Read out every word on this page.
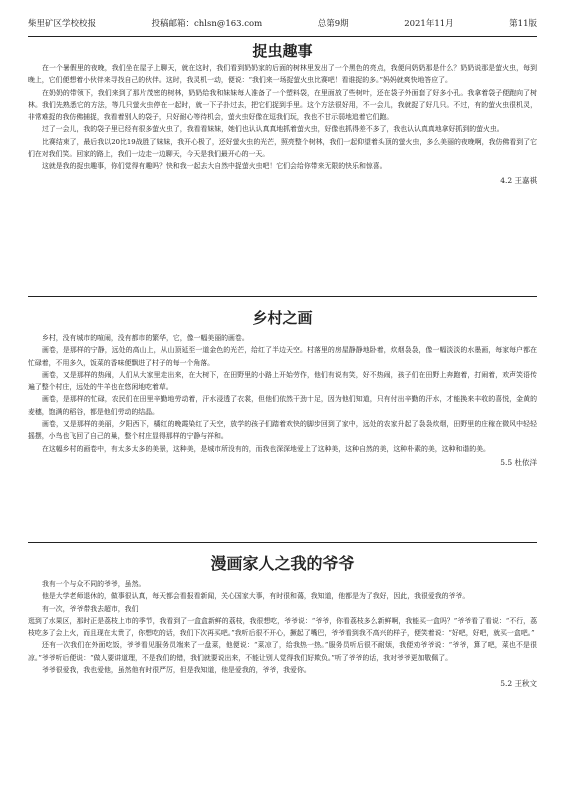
柴里矿区学校校报	投稿邮箱：chlsn@163.com	总第9期	2021年11月	第11版
捉虫趣事

在一个暑假里的夜晚，我们坐在屋子上聊天，就在这时，我们看到奶奶家的后面的树林里发出了一个黑色的亮点，我便问奶奶那是什么？奶奶说那是萤火虫，每到晚上，它们便想着小伙伴来寻找自己的伙伴。这时，我灵机一动，便说：“我们来一场捉萤火虫比赛吧！看谁捉的多。”妈妈就爽快地答应了。

在奶奶的带领下，我们来到了那片茂密的树林，奶奶给我和妹妹每人准备了一个塑料袋，在里面放了些树叶，还在袋子外面套了好多小孔。我拿着袋子便跑向了树林。我们先熟悉它的方法，等几只萤火虫停在一起时，就一下子扑过去，把它们捉到手里。这个方法很好用，不一会儿，我就捉了好几只。不过，有的萤火虫很机灵，非常难捉的我仿佛捕捉，我看着别人的袋子，只好耐心等待机会，萤火虫好像在逗我们玩，我也不甘示弱地追着它们跑。

过了一会儿，我的袋子里已经有很多萤火虫了，我看看妹妹，她们也认认真真地抓着萤火虫，好像也抓得差不多了，我也认认真真地拿好抓到的萤火虫。

比赛结束了，最后我以20比19战胜了妹妹，我开心极了，还好萤火虫的光芒，照亮整个树林，我们一起仰望着头顶的萤火虫，多么美丽的夜晚啊，我仿佛看到了它们在对我们笑。回家的路上，我们一边走一边聊天，今天是我们最开心的一天。

这就是我的捉虫趣事，你们觉得有趣吗？快和我一起去大自然中捉萤火虫吧！它们会给你带来无限的快乐和惊喜。

4.2 王嘉祺

乡村之画

乡村，没有城市的喧闹，没有都市的繁华，它，像一幅美丽的画卷。

画卷，是那样的宁静，远处的高山上，从山顶延至一道金色的光芒，给红了半边天空。村落里的房屋静静地卧着，炊烟袅袅，像一幅淡淡的水墨画，每家每户都在忙碌着，不用多久，饭菜的香味便飘进了村子的每一个角落。

画卷，又是那样的热闹，人们从大家里走出来，在大树下，在田野里的小路上开始劳作，他们有说有笑，好不热闹，孩子们在田野上奔跑着，打闹着，欢声笑语传遍了整个村庄，远处的牛羊也在悠闲地吃着草。

画卷，是那样的忙碌，农民们在田里辛勤地劳动着，汗水浸透了衣裳，但他们依然干劲十足，因为他们知道，只有付出辛勤的汗水，才能换来丰收的喜悦，金黄的麦穗，饱满的稻谷，都是他们劳动的结晶。

画卷，又是那样的美丽，夕阳西下，橘红的晚霞染红了天空，放学的孩子们踏着欢快的脚步回到了家中，远处的农家升起了袅袅炊烟，田野里的庄稼在微风中轻轻摇摆，小鸟也飞回了自己的巢，整个村庄显得那样的宁静与祥和。

在这幅乡村的画卷中，有太多太多的美景，这种美，是城市所没有的，而我也深深地爱上了这种美，这种自然的美，这种朴素的美，这种和谐的美。

5.5 杜依洋

漫画家人之我的爷爷

我有一个与众不同的爷爷，虽然。

他是大学老师退休的，做事很认真，每天都会看报看新闻，关心国家大事，有时很和蔼，我知道，他都是为了我好，因此，我很爱我的爷爷。

有一次，爷爷带我去超市，我们

逛到了水果区，那时正是荔枝上市的季节，我看到了一盒盒新鲜的荔枝，我很想吃，爷爷说：“爷爷，你看荔枝多么新鲜啊，我能买一盒吗？”爷爷看了看说：“不行，荔枝吃多了会上火，而且现在太贵了，你想吃的话，我们下次再买吧。”我听后很不开心，撅起了嘴巴，爷爷看到我不高兴的样子，便笑着说：“好吧，好吧，就买一盒吧。”

还有一次我们在外面吃饭，爷爷看见服务员端来了一盘菜，他便说：“菜凉了，给我热一热。”服务员听后很不耐烦，我便劝爷爷说：“爷爷，算了吧，菜也不是很凉。”爷爷听后便说：“做人要讲道理，不是我们的错，我们就要说出来，不能让别人觉得我们好欺负。”听了爷爷的话，我对爷爷更加敬佩了。

爷爷很爱我，我也爱他，虽然他有时很严厉，但是我知道，他是爱我的，爷爷，我爱你。

5.2 王秋文
